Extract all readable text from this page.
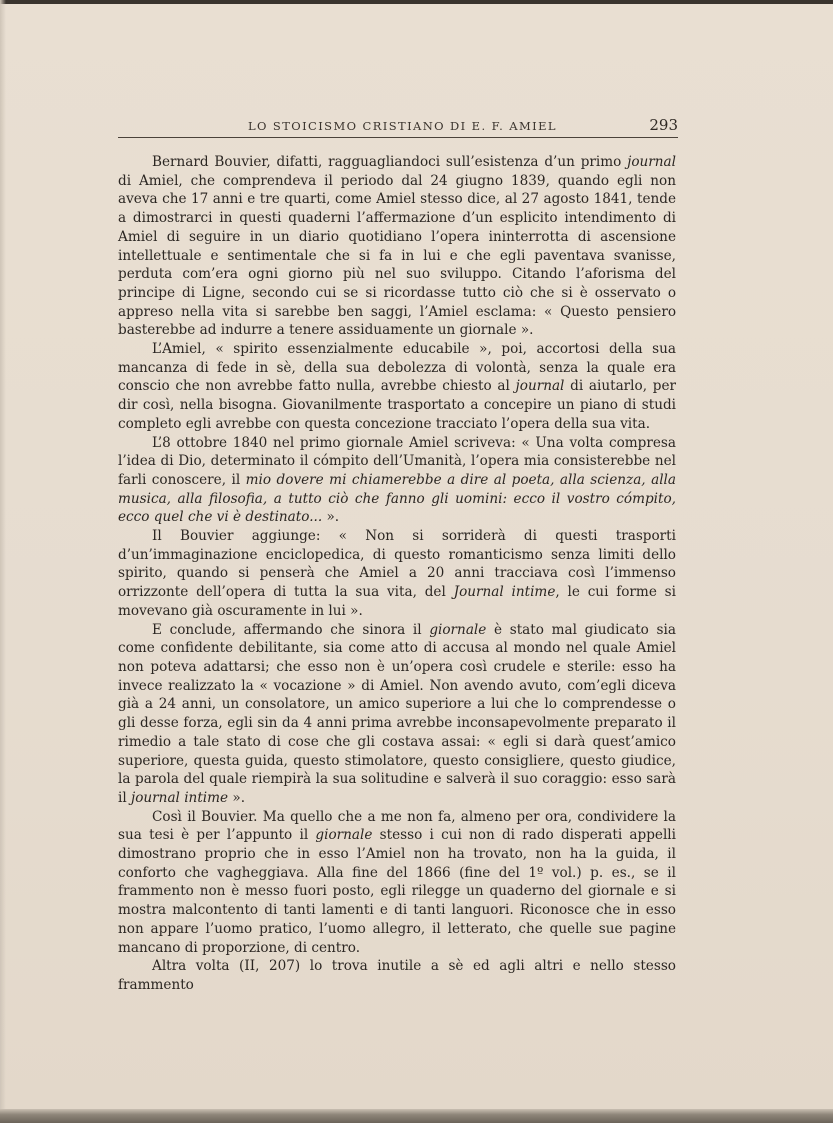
LO STOICISMO CRISTIANO DI E. F. AMIEL	293

Bernard Bouvier, difatti, ragguagliandoci sull’esistenza d’un primo journal di Amiel, che comprendeva il periodo dal 24 giugno 1839, quando egli non aveva che 17 anni e tre quarti, come Amiel stesso dice, al 27 agosto 1841, tende a dimostrarci in questi quaderni l’affermazione d’un esplicito intendimento di Amiel di seguire in un diario quotidiano l’opera ininterrotta di ascensione intellettuale e sentimentale che si fa in lui e che egli paventava svanisse, perduta com’era ogni giorno più nel suo sviluppo. Citando l’aforisma del principe di Ligne, secondo cui se si ricordasse tutto ciò che si è osservato o appreso nella vita si sarebbe ben saggi, l’Amiel esclama: « Questo pensiero basterebbe ad indurre a tenere assiduamente un giornale ».

L’Amiel, « spirito essenzialmente educabile », poi, accortosi della sua mancanza di fede in sè, della sua debolezza di volontà, senza la quale era conscio che non avrebbe fatto nulla, avrebbe chiesto al journal di aiutarlo, per dir così, nella bisogna. Giovanilmente trasportato a concepire un piano di studi completo egli avrebbe con questa concezione tracciato l’opera della sua vita.

L’8 ottobre 1840 nel primo giornale Amiel scriveva: « Una volta compresa l’idea di Dio, determinato il cómpito dell’Umanità, l’opera mia consisterebbe nel farli conoscere, il mio dovere mi chiamerebbe a dire al poeta, alla scienza, alla musica, alla filosofia, a tutto ciò che fanno gli uomini: ecco il vostro cómpito, ecco quel che vi è destinato... ».

Il Bouvier aggiunge: « Non si sorriderà di questi trasporti d’un’immaginazione enciclopedica, di questo romanticismo senza limiti dello spirito, quando si penserà che Amiel a 20 anni tracciava così l’immenso orrizzonte dell’opera di tutta la sua vita, del Journal intime, le cui forme si movevano già oscuramente in lui ».

E conclude, affermando che sinora il giornale è stato mal giudicato sia come confidente debilitante, sia come atto di accusa al mondo nel quale Amiel non poteva adattarsi; che esso non è un’opera così crudele e sterile: esso ha invece realizzato la « vocazione » di Amiel. Non avendo avuto, com’egli diceva già a 24 anni, un consolatore, un amico superiore a lui che lo comprendesse o gli desse forza, egli sin da 4 anni prima avrebbe inconsapevolmente preparato il rimedio a tale stato di cose che gli costava assai: « egli si darà quest’amico superiore, questa guida, questo stimolatore, questo consigliere, questo giudice, la parola del quale riempirà la sua solitudine e salverà il suo coraggio: esso sarà il journal intime ».

Così il Bouvier. Ma quello che a me non fa, almeno per ora, condividere la sua tesi è per l’appunto il giornale stesso i cui non di rado disperati appelli dimostrano proprio che in esso l’Amiel non ha trovato, non ha la guida, il conforto che vagheggiava. Alla fine del 1866 (fine del 1º vol.) p. es., se il frammento non è messo fuori posto, egli rilegge un quaderno del giornale e si mostra malcontento di tanti lamenti e di tanti languori. Riconosce che in esso non appare l’uomo pratico, l’uomo allegro, il letterato, che quelle sue pagine mancano di proporzione, di centro.

Altra volta (II, 207) lo trova inutile a sè ed agli altri e nello stesso frammento
